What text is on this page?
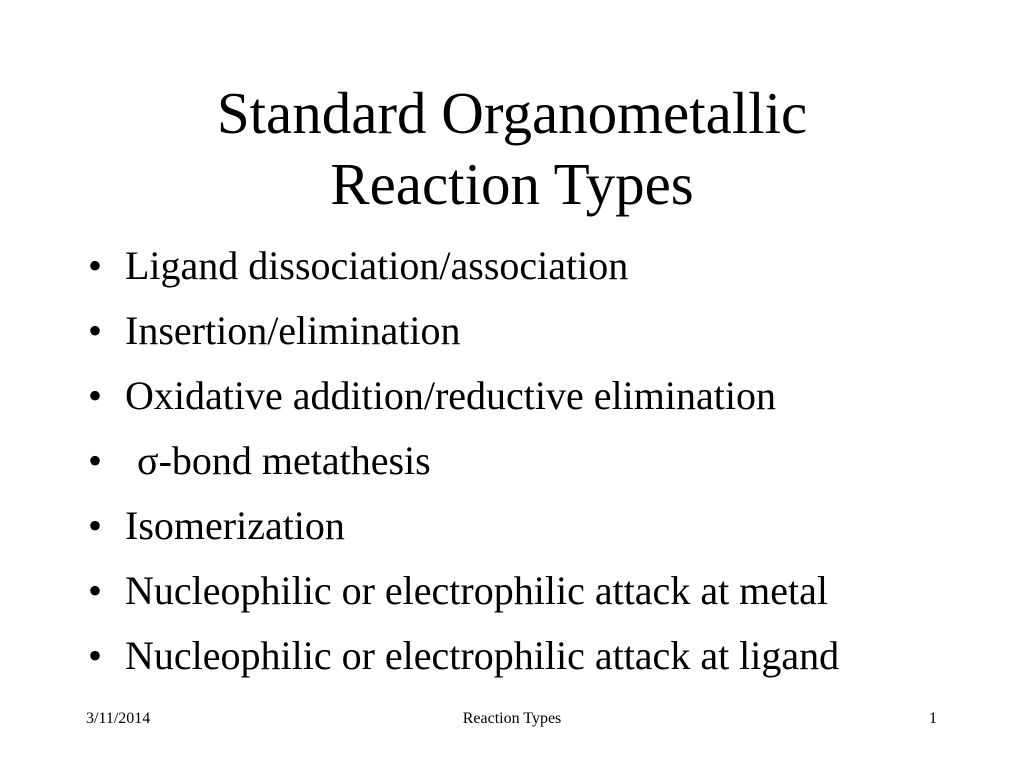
Standard Organometallic
Reaction Types
• Ligand dissociation/association
• Insertion/elimination
• Oxidative addition/reductive elimination
• σ-bond metathesis
• Isomerization
• Nucleophilic or electrophilic attack at metal
• Nucleophilic or electrophilic attack at ligand
3/11/2014	Reaction Types	1
